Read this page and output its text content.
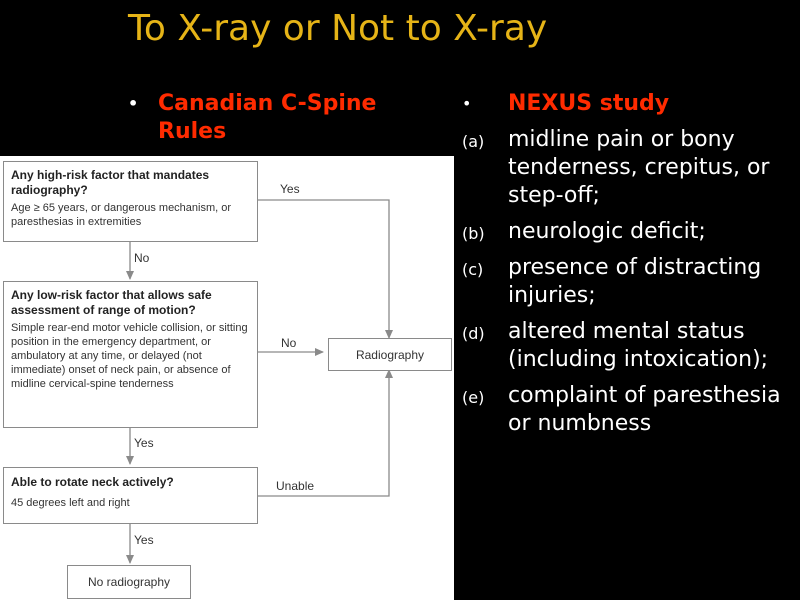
To X-ray or Not to X-ray
• Canadian C-Spine Rules
Any high-risk factor that mandates radiography?
Age ≥ 65 years, or dangerous mechanism, or paresthesias in extremities
Yes
No
Any low-risk factor that allows safe assessment of range of motion?
Simple rear-end motor vehicle collision, or sitting position in the emergency department, or ambulatory at any time, or delayed (not immediate) onset of neck pain, or absence of midline cervical-spine tenderness
No
Radiography
Yes
Able to rotate neck actively?
45 degrees left and right
Unable
Yes
No radiography
• NEXUS study
(a) midline pain or bony tenderness, crepitus, or step-off;
(b) neurologic deficit;
(c) presence of distracting injuries;
(d) altered mental status (including intoxication);
(e) complaint of paresthesia or numbness
